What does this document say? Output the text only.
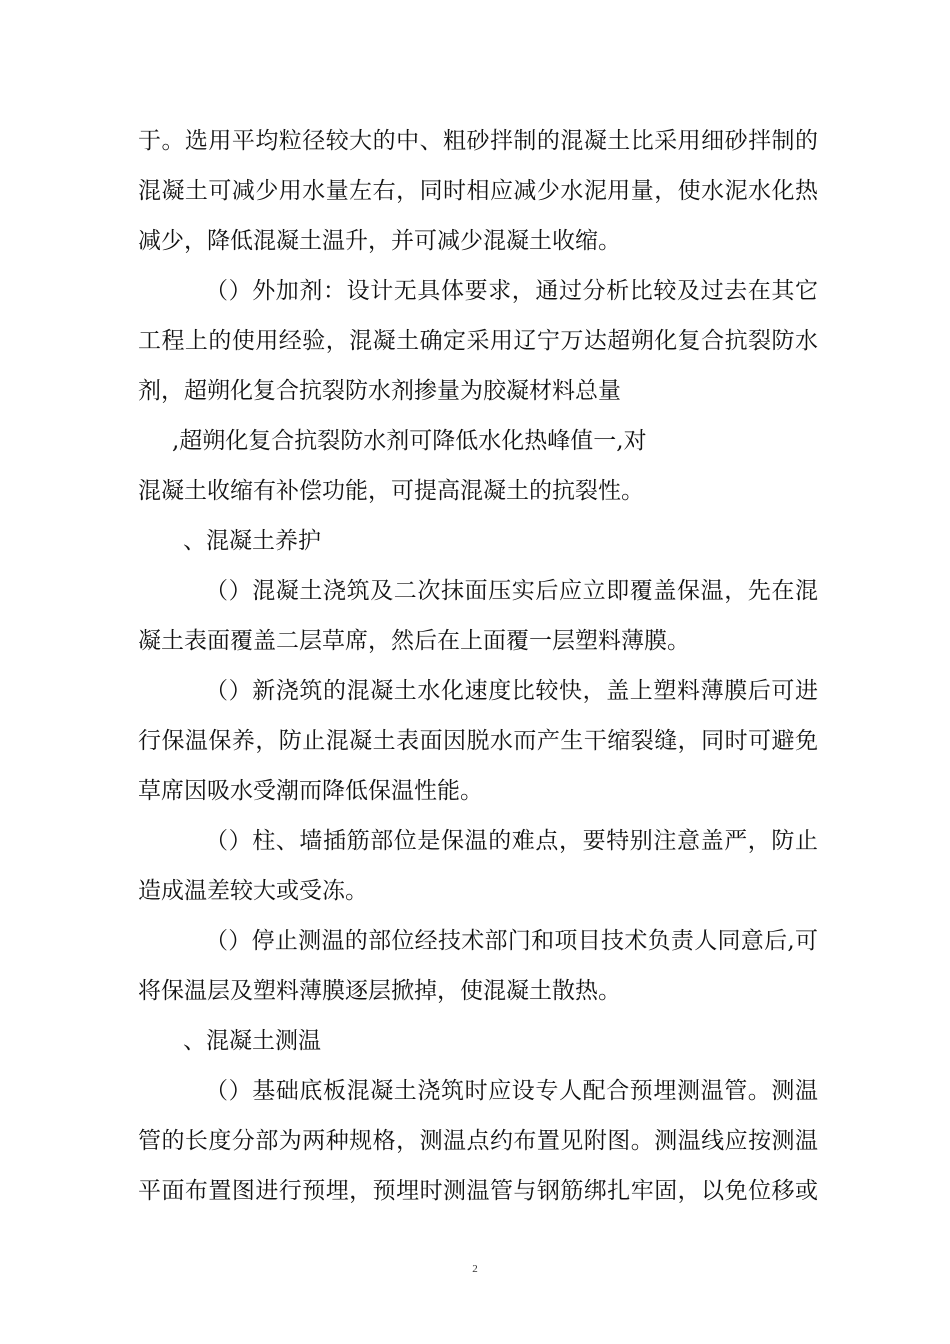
于。选用平均粒径较大的中、粗砂拌制的混凝土比采用细砂拌制的
混凝土可减少用水量左右，同时相应减少水泥用量，使水泥水化热
减少，降低混凝土温升，并可减少混凝土收缩。
（）外加剂：设计无具体要求，通过分析比较及过去在其它
工程上的使用经验，混凝土确定采用辽宁万达超朔化复合抗裂防水
剂，超朔化复合抗裂防水剂掺量为胶凝材料总量
,超朔化复合抗裂防水剂可降低水化热峰值一,对
混凝土收缩有补偿功能，可提高混凝土的抗裂性。
、混凝土养护
（）混凝土浇筑及二次抹面压实后应立即覆盖保温，先在混
凝土表面覆盖二层草席，然后在上面覆一层塑料薄膜。
（）新浇筑的混凝土水化速度比较快，盖上塑料薄膜后可进
行保温保养，防止混凝土表面因脱水而产生干缩裂缝，同时可避免
草席因吸水受潮而降低保温性能。
（）柱、墙插筋部位是保温的难点，要特别注意盖严，防止
造成温差较大或受冻。
（）停止测温的部位经技术部门和项目技术负责人同意后,可
将保温层及塑料薄膜逐层掀掉，使混凝土散热。
、混凝土测温
（）基础底板混凝土浇筑时应设专人配合预埋测温管。测温
管的长度分部为两种规格，测温点约布置见附图。测温线应按测温
平面布置图进行预埋，预埋时测温管与钢筋绑扎牢固，以免位移或
2
